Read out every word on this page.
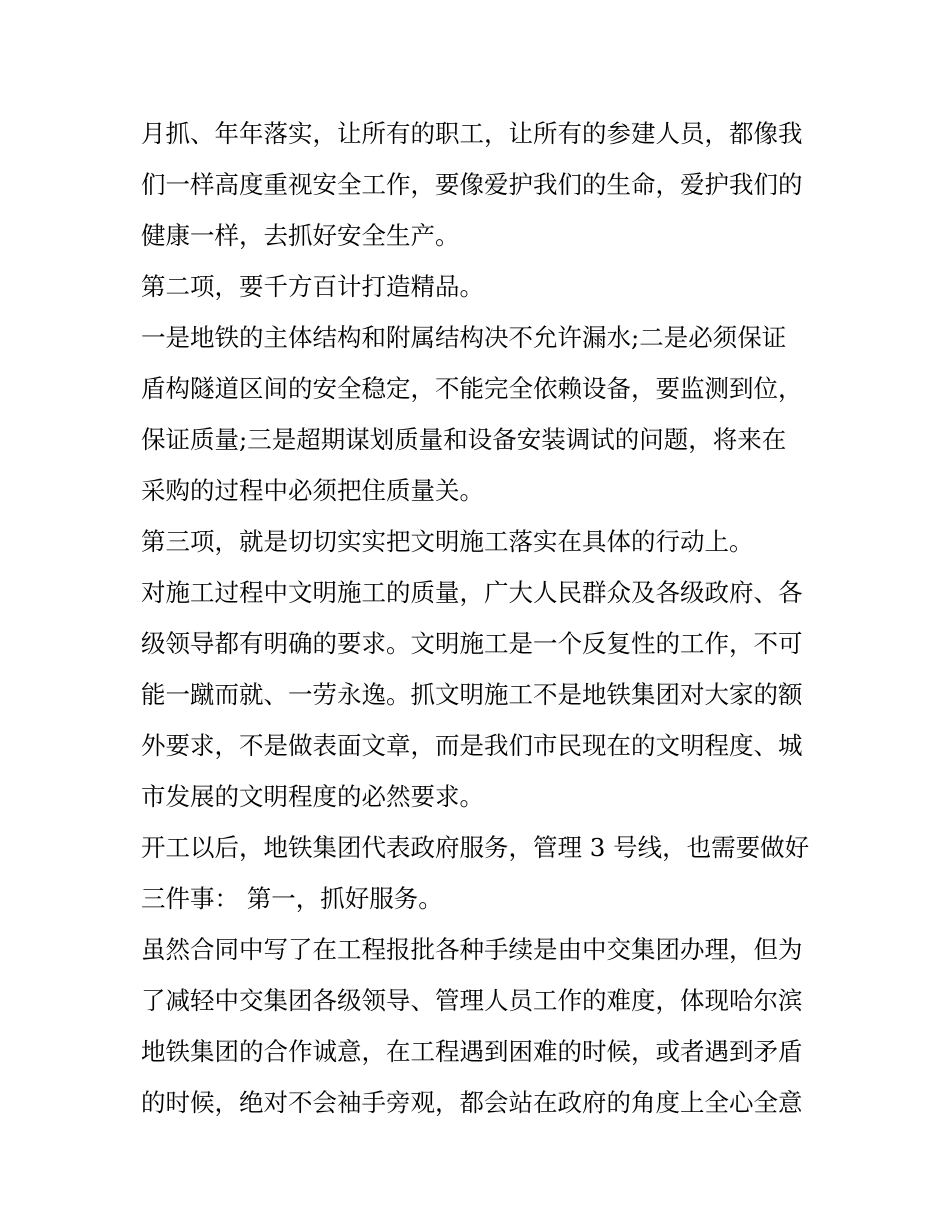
月抓、年年落实，让所有的职工，让所有的参建人员，都像我
们一样高度重视安全工作，要像爱护我们的生命，爱护我们的
健康一样，去抓好安全生产。
第二项，要千方百计打造精品。
一是地铁的主体结构和附属结构决不允许漏水;二是必须保证
盾构隧道区间的安全稳定，不能完全依赖设备，要监测到位，
保证质量;三是超期谋划质量和设备安装调试的问题，将来在
采购的过程中必须把住质量关。
第三项，就是切切实实把文明施工落实在具体的行动上。
对施工过程中文明施工的质量，广大人民群众及各级政府、各
级领导都有明确的要求。文明施工是一个反复性的工作，不可
能一蹴而就、一劳永逸。抓文明施工不是地铁集团对大家的额
外要求，不是做表面文章，而是我们市民现在的文明程度、城
市发展的文明程度的必然要求。
开工以后，地铁集团代表政府服务，管理 3 号线，也需要做好
三件事： 第一，抓好服务。
虽然合同中写了在工程报批各种手续是由中交集团办理，但为
了减轻中交集团各级领导、管理人员工作的难度，体现哈尔滨
地铁集团的合作诚意，在工程遇到困难的时候，或者遇到矛盾
的时候，绝对不会袖手旁观，都会站在政府的角度上全心全意
